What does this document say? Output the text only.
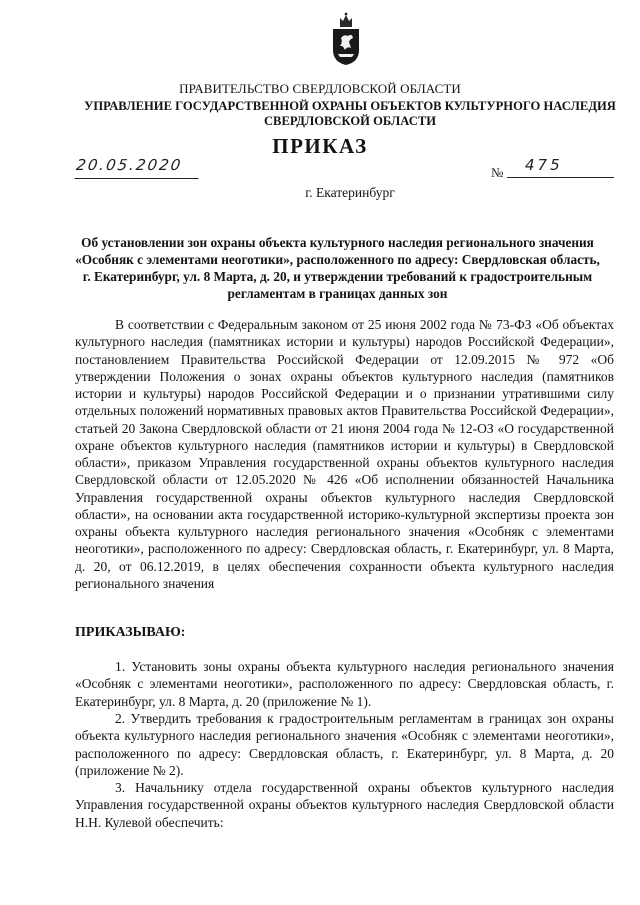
ПРАВИТЕЛЬСТВО СВЕРДЛОВСКОЙ ОБЛАСТИ
УПРАВЛЕНИЕ ГОСУДАРСТВЕННОЙ ОХРАНЫ ОБЪЕКТОВ КУЛЬТУРНОГО НАСЛЕДИЯ СВЕРДЛОВСКОЙ ОБЛАСТИ
ПРИКАЗ
20.05.2020	№	475
г. Екатеринбург
Об установлении зон охраны объекта культурного наследия регионального значения «Особняк с элементами неоготики», расположенного по адресу: Свердловская область, г. Екатеринбург, ул. 8 Марта, д. 20, и утверждении требований к градостроительным регламентам в границах данных зон

В соответствии с Федеральным законом от 25 июня 2002 года № 73-ФЗ «Об объектах культурного наследия (памятниках истории и культуры) народов Российской Федерации», постановлением Правительства Российской Федерации от 12.09.2015 № 972 «Об утверждении Положения о зонах охраны объектов культурного наследия (памятников истории и культуры) народов Российской Федерации и о признании утратившими силу отдельных положений нормативных правовых актов Правительства Российской Федерации», статьей 20 Закона Свердловской области от 21 июня 2004 года № 12-ОЗ «О государственной охране объектов культурного наследия (памятников истории и культуры) в Свердловской области», приказом Управления государственной охраны объектов культурного наследия Свердловской области от 12.05.2020 № 426 «Об исполнении обязанностей Начальника Управления государственной охраны объектов культурного наследия Свердловской области», на основании акта государственной историко-культурной экспертизы проекта зон охраны объекта культурного наследия регионального значения «Особняк с элементами неоготики», расположенного по адресу: Свердловская область, г. Екатеринбург, ул. 8 Марта, д. 20, от 06.12.2019, в целях обеспечения сохранности объекта культурного наследия регионального значения

ПРИКАЗЫВАЮ:

1. Установить зоны охраны объекта культурного наследия регионального значения «Особняк с элементами неоготики», расположенного по адресу: Свердловская область, г. Екатеринбург, ул. 8 Марта, д. 20 (приложение № 1).

2. Утвердить требования к градостроительным регламентам в границах зон охраны объекта культурного наследия регионального значения «Особняк с элементами неоготики», расположенного по адресу: Свердловская область, г. Екатеринбург, ул. 8 Марта, д. 20 (приложение № 2).

3. Начальнику отдела государственной охраны объектов культурного наследия Управления государственной охраны объектов культурного наследия Свердловской области Н.Н. Кулевой обеспечить:
